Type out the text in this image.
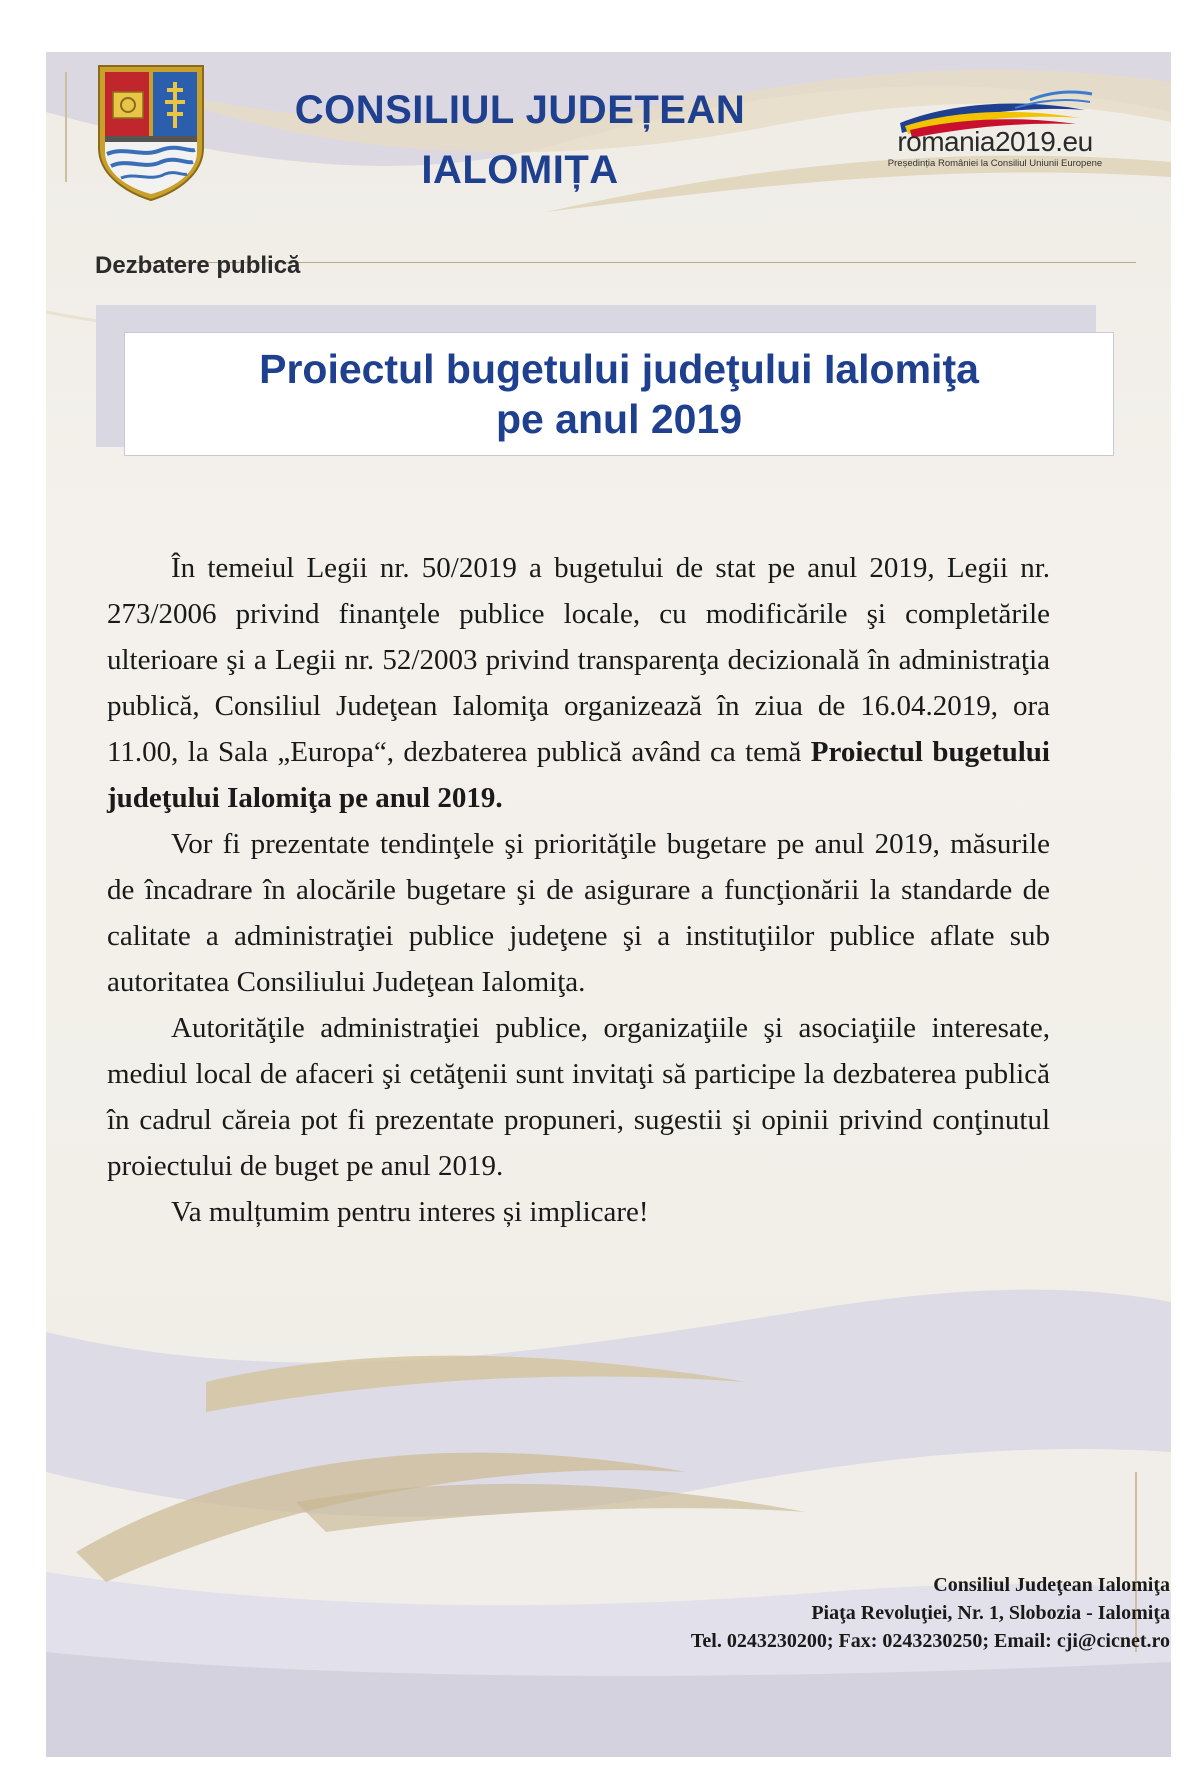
CONSILIUL JUDEȚEAN
IALOMIȚA
romania2019.eu
Președinția României la Consiliul Uniunii Europene
Dezbatere publică
Proiectul bugetului judeţului Ialomiţa
pe anul 2019

În temeiul Legii nr. 50/2019 a bugetului de stat pe anul 2019, Legii nr. 273/2006 privind finanţele publice locale, cu modificările şi completările ulterioare şi a Legii nr. 52/2003 privind transparenţa decizională în administraţia publică, Consiliul Judeţean Ialomiţa organizează în ziua de 16.04.2019, ora 11.00, la Sala „Europa“, dezbaterea publică având ca temă Proiectul bugetului judeţului Ialomiţa pe anul 2019.

Vor fi prezentate tendinţele şi priorităţile bugetare pe anul 2019, măsurile de încadrare în alocările bugetare şi de asigurare a funcţionării la standarde de calitate a administraţiei publice judeţene şi a instituţiilor publice aflate sub autoritatea Consiliului Judeţean Ialomiţa.

Autorităţile administraţiei publice, organizaţiile şi asociaţiile interesate, mediul local de afaceri şi cetăţenii sunt invitaţi să participe la dezbaterea publică în cadrul căreia pot fi prezentate propuneri, sugestii şi opinii privind conţinutul proiectului de buget pe anul 2019.

Va mulțumim pentru interes și implicare!

Consiliul Judeţean Ialomiţa
Piaţa Revoluţiei, Nr. 1, Slobozia - Ialomiţa
Tel. 0243230200; Fax: 0243230250; Email: cji@cicnet.ro
